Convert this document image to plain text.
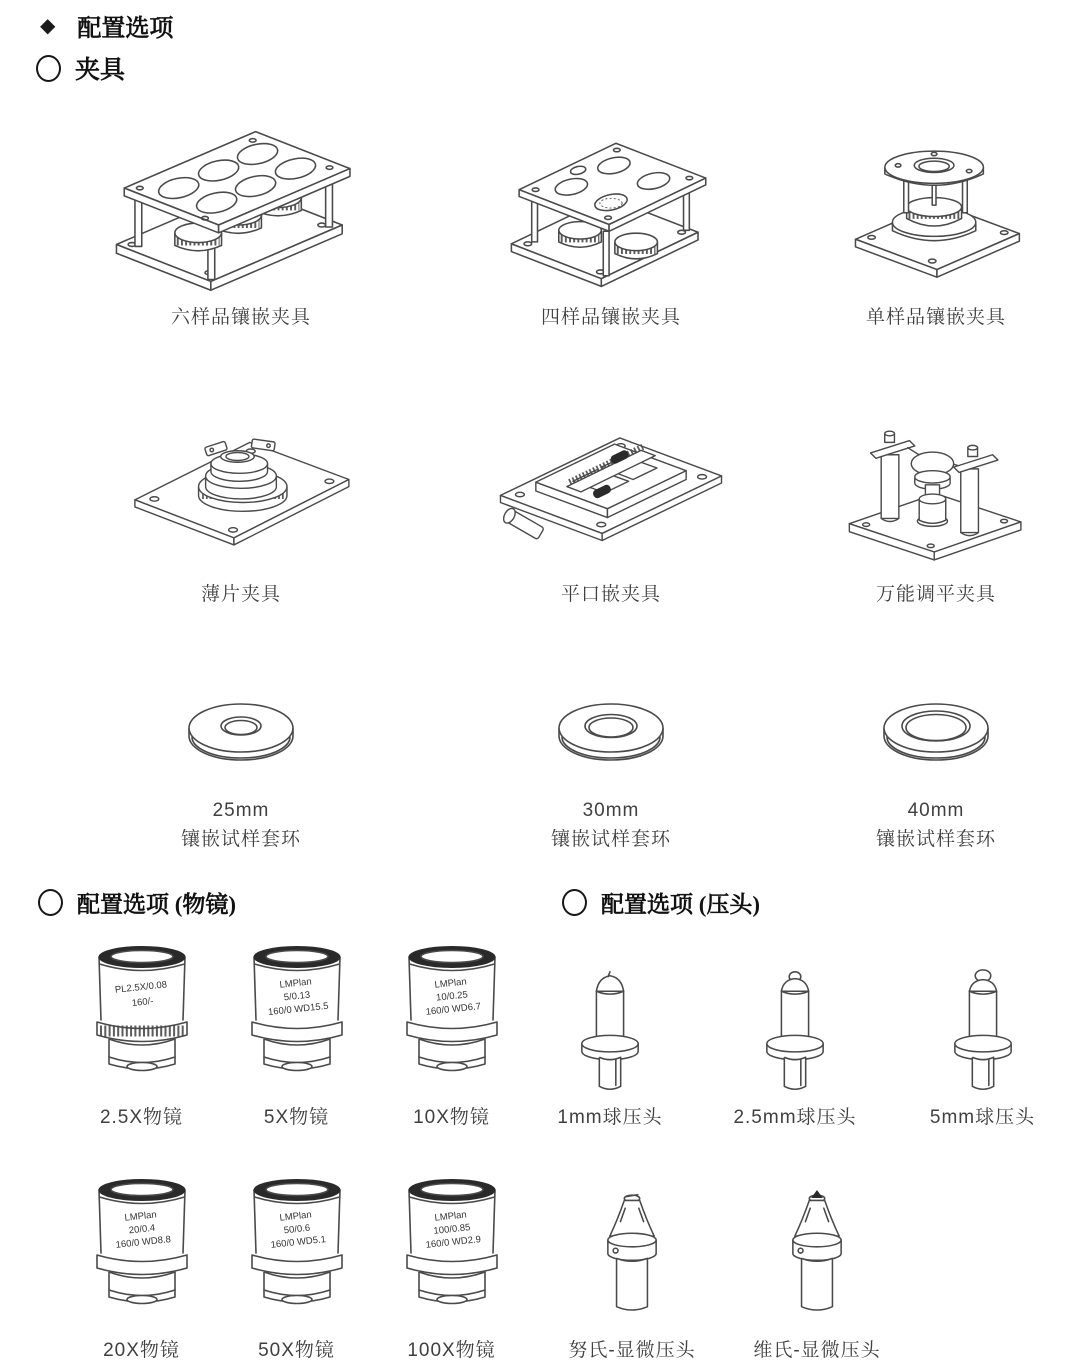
◆ 配置选项
夹具
六样品镶嵌夹具	四样品镶嵌夹具	单样品镶嵌夹具
薄片夹具	平口嵌夹具	万能调平夹具
25mm
镶嵌试样套环
30mm
镶嵌试样套环
40mm
镶嵌试样套环
配置选项 (物镜)	配置选项 (压头)
PL2.5X/0.08
160/-
2.5X物镜
LMPlan
5/0.13
160/0 WD15.5
5X物镜
LMPlan
10/0.25
160/0 WD6.7
10X物镜
LMPlan
20/0.4
160/0 WD8.8
20X物镜
LMPlan
50/0.6
160/0 WD5.1
50X物镜
LMPlan
100/0.85
160/0 WD2.9
100X物镜
1mm球压头	2.5mm球压头	5mm球压头
努氏-显微压头	维氏-显微压头
